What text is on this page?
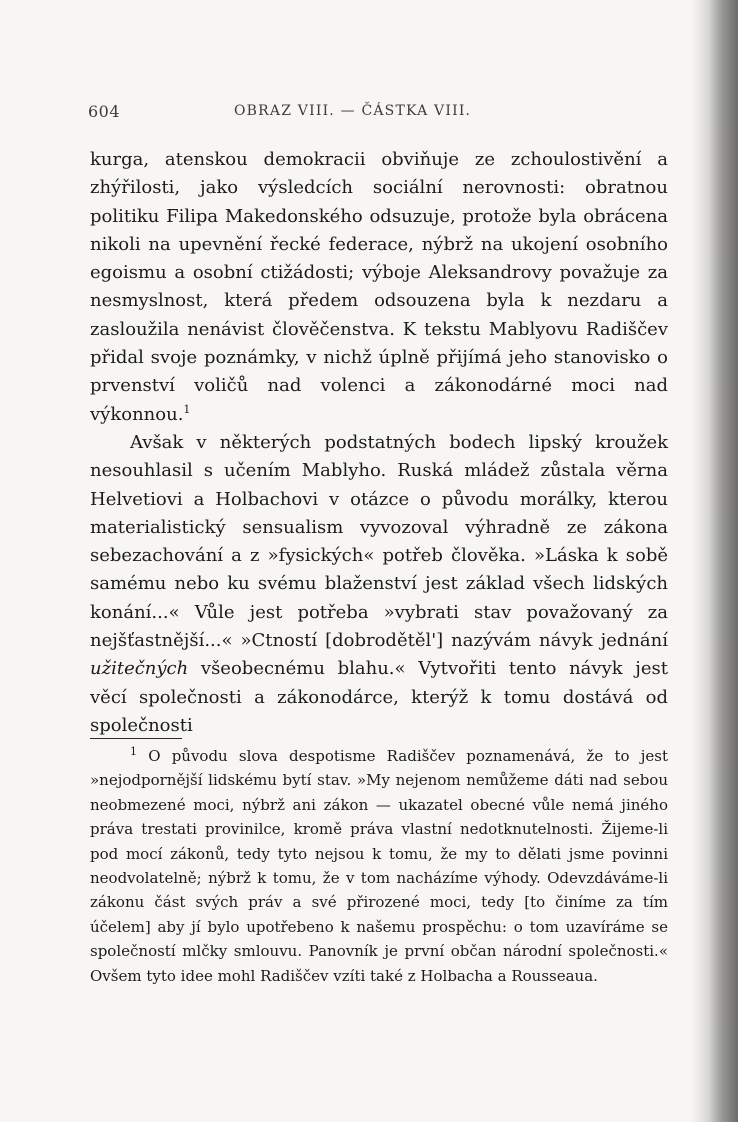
604	OBRAZ VIII. — ČÁSTKA VIII.

kurga, atenskou demokracii obviňuje ze zchoulostivění a zhýřilosti, jako výsledcích sociální nerovnosti: obratnou politiku Filipa Makedonského odsuzuje, protože byla obrácena nikoli na upevnění řecké federace, nýbrž na ukojení osobního egoismu a osobní ctižádosti; výboje Aleksandrovy považuje za nesmyslnost, která předem odsouzena byla k nezdaru a zasloužila nenávist člověčenstva. K tekstu Mablyovu Radiščev přidal svoje poznámky, v nichž úplně přijímá jeho stanovisko o prvenství voličů nad volenci a zákonodárné moci nad výkonnou.$^1$

Avšak v některých podstatných bodech lipský kroužek nesouhlasil s učením Mablyho. Ruská mládež zůstala věrna Helvetiovi a Holbachovi v otázce o původu morálky, kterou materialistický sensualism vyvozoval výhradně ze zákona sebezachování a z »fysických« potřeb člověka. »Láska k sobě samému nebo ku svému blaženství jest základ všech lidských konání...« Vůle jest potřeba »vybrati stav považovaný za nejšťastnější...« »Ctností [dobrodětěl'] nazývám návyk jednání užitečných všeobecnému blahu.« Vytvořiti tento návyk jest věcí společnosti a zákonodárce, kterýž k tomu dostává od společnosti

$^1$ O původu slova despotisme Radiščev poznamenává, že to jest »nejodpornější lidskému bytí stav. »My nejenom nemůžeme dáti nad sebou neobmezené moci, nýbrž ani zákon — ukazatel obecné vůle nemá jiného práva trestati provinilce, kromě práva vlastní nedotknutelnosti. Žijeme-li pod mocí zákonů, tedy tyto nejsou k tomu, že my to dělati jsme povinni neodvolatelně; nýbrž k tomu, že v tom nacházíme výhody. Odevzdáváme-li zákonu část svých práv a své přirozené moci, tedy [to činíme za tím účelem] aby jí bylo upotřebeno k našemu prospěchu: o tom uzavíráme se společností mlčky smlouvu. Panovník je první občan národní společnosti.« Ovšem tyto idee mohl Radiščev vzíti také z Holbacha a Rousseaua.
